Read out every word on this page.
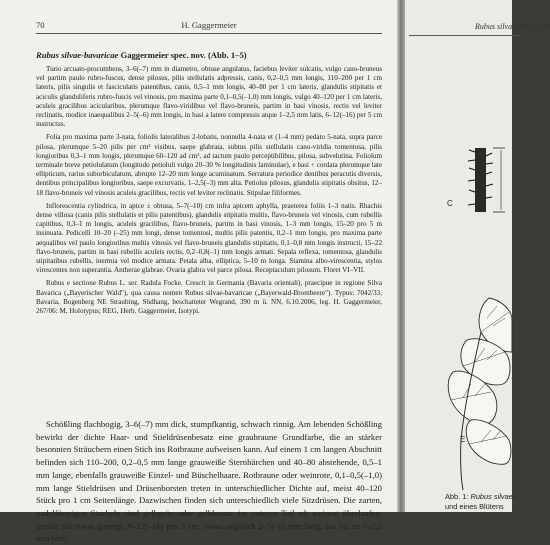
70	H. Gaggermeier
Rubus silvae-bavaricae Gaggermeier spec. nov. (Abb. 1–5)

Turio arcuato-procumbens, 3–6(–7) mm in diametro, obtuse angulatus, faciebus leviter sulcatis, vulgo cano-bruneus vel partim paulo rubro-fuscus, dense pilosus, pilis stellulatis adpressis, canis, 0,2–0,5 mm longis, 110–200 per 1 cm lateris, pilis singulis et fasciculatis patentibus, canis, 0,5–1 mm longis, 40–80 per 1 cm lateris, glandulis stipitatis et aciculis glanduliferis rubro-fuscis vel vinosis, pro maxima parte 0,1–0,5(–1,0) mm longis, vulgo 40–120 per 1 cm lateris, aculeis gracilibus acicularibus, plerumque flavo-viridibus vel flavo-bruneis, partim in basi vinosis, rectis vel leviter reclinatis, modice inaequalibus 2–5(–6) mm longis, in basi a latere compressis atque 1–2,5 mm latis, 6–12(–16) per 5 cm instructus.

Folia pro maxima parte 3-nata, foliolis lateralibus 2-lobatis, nonnulla 4-nata et (1–4 mm) pedato 5-nata, supra parce pilosa, plerumque 5–20 pilis per cm² visibus, saepe glabrata, subtus pilis stellulatis cano-viridia tomentosa, pilis longioribus 0,3–1 mm longis, plerumque 60–120 ad cm², ad tactum paulo perceptibilibus, pilosa, subvelutina. Foliolum terminale breve petiolulatum (longitudo petioluli vulgo 20–30 % longitudinis laminulae), e basi + cordata plerumque late ellipticum, rarius suborbiculatum, abrupte 12–20 mm longe acuminatum. Serratura periodice dentibus peracutis diversis, dentibus principalibus longioribus, saepe excurvatis, 1–2,5(–3) mm alta. Petiolus pilosus, glandulis stipitatis obsitus, 12–18 flavo-bruneis vel vinosis aculeis gracilibus, rectis vel leviter reclinatis. Stipulae filiformes.

Inflorescentia cylindrica, in apice ± obtusa, 5–7(–10) cm infra apicem aphylla, praeterea foliis 1–3 natis. Rhachis dense villosa (canis pilis stellulatis et pilis patentibus), glandulis stipitatis multis, flavo-bruneis vel vinosis, cum rubellis capitibus, 0,3–1 m longis, aculeis gracilibus, flavo-bruneis, partim in basi vinosis, 1–3 mm longis, 15–20 pro 5 m insinuata. Pedicelli 10–20 (–25) mm longi, dense tomentosi, multis pilis patentis, 0,2–1 mm longis, pro maxima parte aequalibus vel paulo longioribus multis vinosis vel flavo-bruneis glandulis stipitatis, 0,1–0,8 mm longis instructi, 15–22 flavo-bruneis, partim in basi rubellis aculeis rectis, 0,2–0,8(–1) mm longis armati. Sepala reflexa, tomentosa, glandulis stipitatibus rubellis, inermia vel modice armata. Petala alba, elliptica, 5–10 m longa. Stamina albo-virescentia, stylos virescentes non superantia. Antherae glabrae. Ovaria glabra vel parce pilosa. Receptaculum pilosum. Floret VI–VII.

Rubus e sectione Rubus L. ser. Radula Focke. Crescit in Germania (Bavaria orientali), praecipue in regione Silva Bavarica („Bayerischer Wald"), qua causa nomen Rubus silvae-bavaricae („Bayerwald-Brombeere"). Typus: 7042/33, Bavaria, Bogenberg NE Straubing, Südhang, beschatteter Wegrand, 390 m ü. NN, 6.10.2006, leg. H. Gaggermeier, 267/06: M, Holotypus; REG, Herb. Gaggermeier, Isotypi.

Schößling flachbogig, 3–6(–7) mm dick, stumpfkantig, schwach rinnig. Am lebenden Schößling bewirkt der dichte Haar- und Stieldrüsenbesatz eine graubraune Grundfarbe, die an stärker besonnten Sträuchern einen Stich ins Rotbraune aufweisen kann. Auf einem 1 cm langen Abschnitt befinden sich 110–200, 0,2–0,5 mm lange grauweiße Sternhärchen und 40–80 abstehende, 0,5–1 mm lange, ebenfalls grauweiße Einzel- und Büschelhaare. Rotbraune oder weinrote, 0,1–0,5(–1,0) mm lange Stieldrüsen und Drüsenborsten treten in unterschiedlicher Dichte auf, meist 40–120 Stück pro 1 cm Seitenlänge. Dazwischen finden sich unterschiedlich viele Sitzdrüsen. Die zarten, nadelförmigen Stacheln sind gelbgrün oder gelbbraun, im unteren Teil oft weinrot überlaufen, gerade bis etwas geneigt, 6–12(–16) pro 5 cm, etwas ungleich 2–5(–6) mm lang, aus bis zu 1–2,5 mm brei-

Rubus silvae-bavaricae
C
E
Abb. 1: Rubus silvae-
und eines Blütens
